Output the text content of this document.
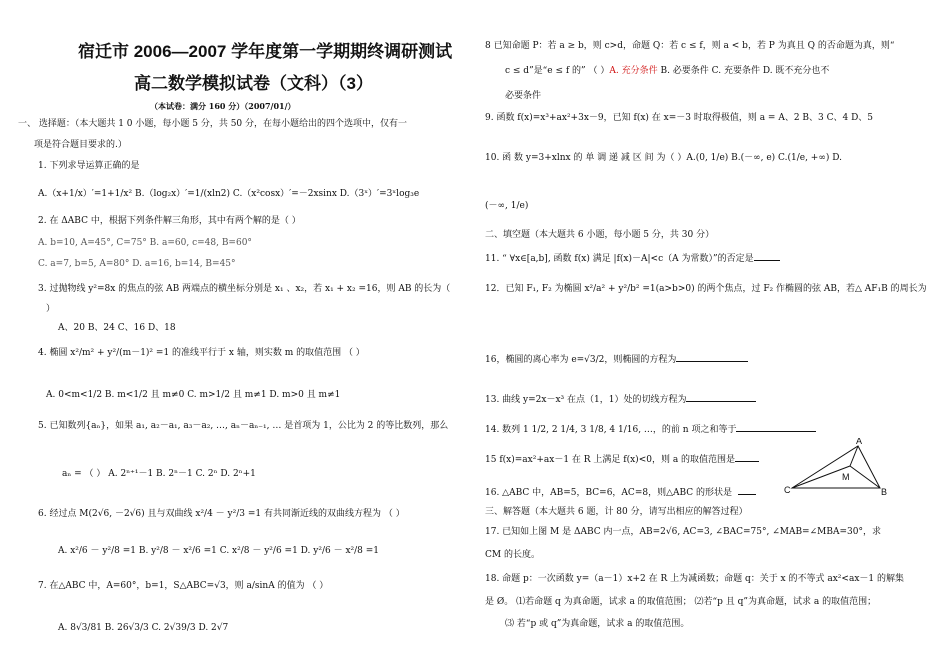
宿迁市 2006—2007 学年度第一学期期终调研测试
高二数学模拟试卷（文科）（3）
（本试卷：满分 160 分）（2007/01/）
一、 选择题：（本大题共 1 0 小题，每小题 5 分，共 50 分，在每小题给出的四个选项中，仅有一
项是符合题目要求的.）
1. 下列求导运算正确的是
A.（x+1/x）′=1+1/x² B.（log₂x）′=1/(xln2) C.（x²cosx）′=－2xsinx D.（3ˣ）′=3ˣlog₃e
2. 在 ΔABC 中，根据下列条件解三角形，其中有两个解的是（ ）
A. b=10, A=45°, C=75° B. a=60, c=48, B=60°
C. a=7, b=5, A=80° D. a=16, b=14, B=45°
3. 过抛物线 y²=8x 的焦点的弦 AB 两端点的横坐标分别是 x₁ 、x₂，若 x₁ + x₂ =16，则 AB 的长为（
）
A、20 B、24 C、16 D、18
4. 椭圆 x²/m² + y²/(m－1)² =1 的准线平行于 x 轴，则实数 m 的取值范围 （ ）
A. 0<m<1/2 B. m<1/2 且 m≠0 C. m>1/2 且 m≠1 D. m>0 且 m≠1
5. 已知数列{aₙ}，如果 a₁, a₂－a₁, a₃－a₂, …, aₙ－aₙ₋₁, … 是首项为 1，公比为 2 的等比数列，那么
aₙ = （ ） A. 2ⁿ⁺¹－1 B. 2ⁿ－1 C. 2ⁿ D. 2ⁿ+1
6. 经过点 M(2√6, －2√6) 且与双曲线 x²/4 － y²/3 =1 有共同渐近线的双曲线方程为 （ ）
A. x²/6 － y²/8 =1 B. y²/8 － x²/6 =1 C. x²/8 － y²/6 =1 D. y²/6 － x²/8 =1
7. 在△ABC 中，A=60°，b=1，S△ABC=√3，则 a/sinA 的值为 （ ）
A. 8√3/81 B. 26√3/3 C. 2√39/3 D. 2√7
8 已知命题 P：若 a ≥ b，则 c>d，命题 Q：若 c ≤ f，则 a < b，若 P 为真且 Q 的否命题为真，则“
c ≤ d”是“e ≤ f 的” （ ）A. 充分条件 B. 必要条件 C. 充要条件 D. 既不充分也不
必要条件
9. 函数 f(x)=x³+ax²+3x－9，已知 f(x) 在 x=－3 时取得极值，则 a = A、2 B、3 C、4 D、5
10. 函 数 y=3+xlnx 的 单 调 递 减 区 间 为（ ）A.(0, 1/e) B.(－∞, e) C.(1/e, +∞) D.
(－∞, 1/e)
二、填空题（本大题共 6 小题，每小题 5 分，共 30 分）
11. “ ∀x∈[a,b], 函数 f(x) 满足 |f(x)－A|<c（A 为常数）”的否定是
12．已知 F₁, F₂ 为椭圆 x²/a² + y²/b² =1(a>b>0) 的两个焦点，过 F₂ 作椭圆的弦 AB，若△ AF₁B 的周长为
16，椭圆的离心率为 e=√3/2，则椭圆的方程为
13. 曲线 y=2x－x³ 在点（1，1）处的切线方程为
14. 数列 1 1/2, 2 1/4, 3 1/8, 4 1/16, …，的前 n 项之和等于
15 f(x)=ax²+ax－1 在 R 上满足 f(x)<0，则 a 的取值范围是
16. △ABC 中，AB=5，BC=6，AC=8，则△ABC 的形状是
三、解答题（本大题共 6 题，计 80 分，请写出相应的解答过程）
17. 已知如上图 M 是 ΔABC 内一点，AB=2√6, AC=3, ∠BAC=75°, ∠MAB=∠MBA=30°，求
CM 的长度。
18. 命题 p：一次函数 y=（a－1）x+2 在 R 上为减函数；命题 q：关于 x 的不等式 ax²<ax－1 的解集
是 Ø。 ⑴若命题 q 为真命题，试求 a 的取值范围； ⑵若“p 且 q”为真命题，试求 a 的取值范围；
⑶ 若“p 或 q”为真命题，试求 a 的取值范围。
A
B
C
M
